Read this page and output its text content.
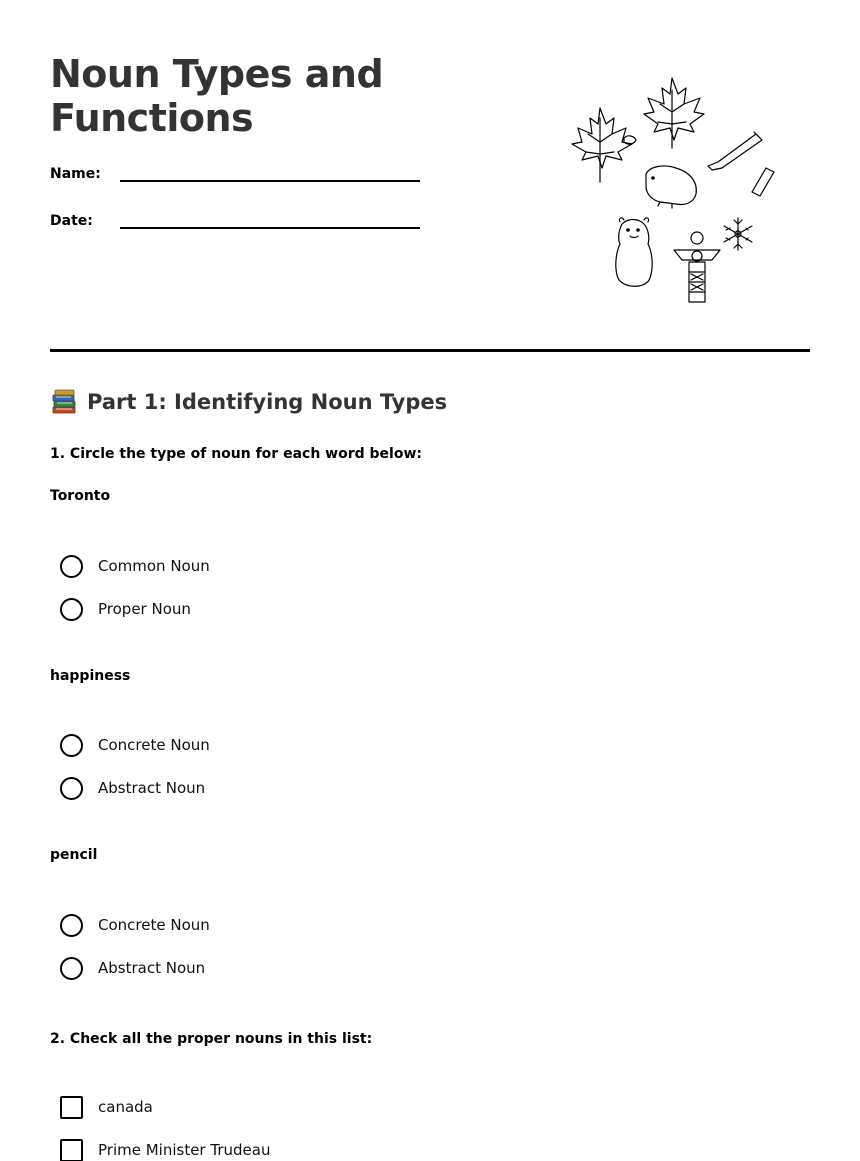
Noun Types and Functions
Name:
Date:
Part 1: Identifying Noun Types
1. Circle the type of noun for each word below:
Toronto
Common Noun
Proper Noun
happiness
Concrete Noun
Abstract Noun
pencil
Concrete Noun
Abstract Noun
2. Check all the proper nouns in this list:
canada
Prime Minister Trudeau
